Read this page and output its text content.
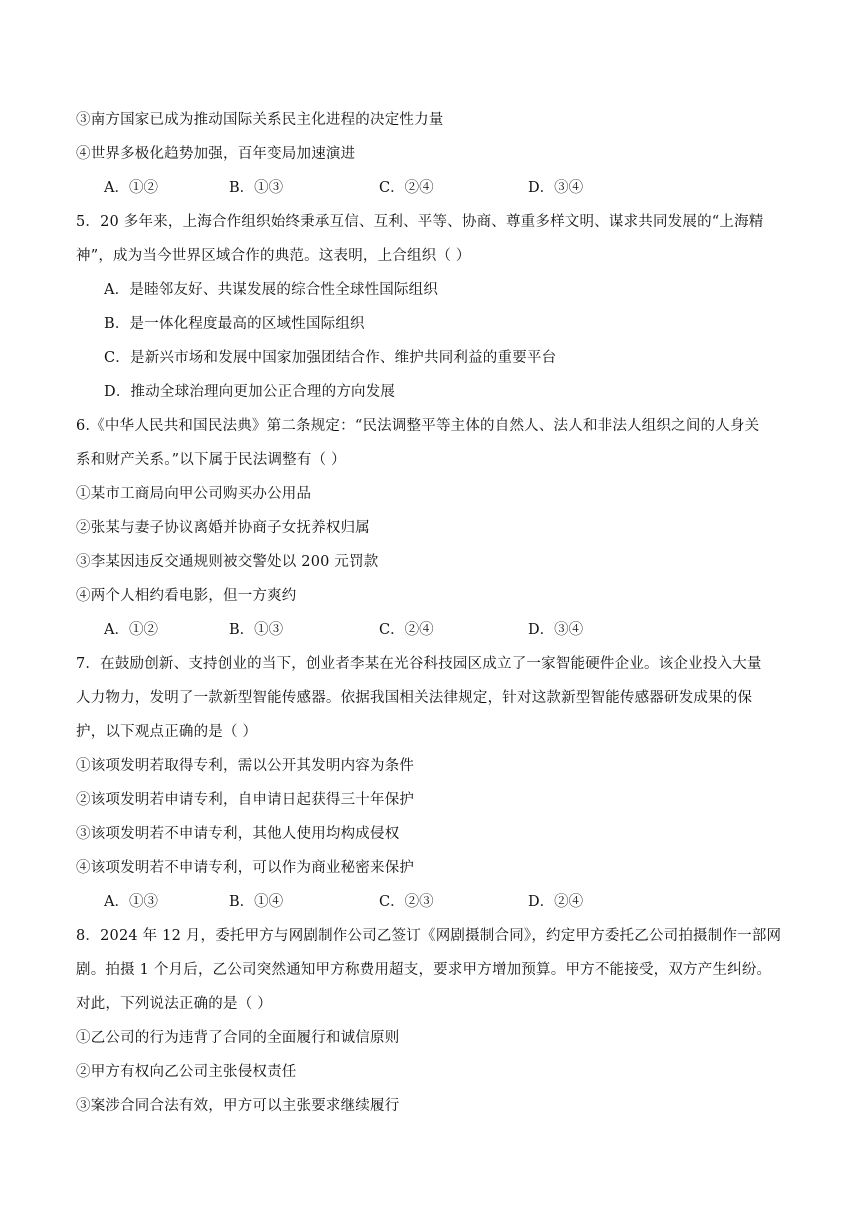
③南方国家已成为推动国际关系民主化进程的决定性力量
④世界多极化趋势加强，百年变局加速演进
A．①②	B．①③	C．②④	D．③④
5．20 多年来，上海合作组织始终秉承互信、互利、平等、协商、尊重多样文明、谋求共同发展的“上海精
神”，成为当今世界区域合作的典范。这表明，上合组织（ ）
A．是睦邻友好、共谋发展的综合性全球性国际组织
B．是一体化程度最高的区域性国际组织
C．是新兴市场和发展中国家加强团结合作、维护共同利益的重要平台
D．推动全球治理向更加公正合理的方向发展
6.《中华人民共和国民法典》第二条规定：“民法调整平等主体的自然人、法人和非法人组织之间的人身关
系和财产关系。”以下属于民法调整有（ ）
①某市工商局向甲公司购买办公用品
②张某与妻子协议离婚并协商子女抚养权归属
③李某因违反交通规则被交警处以 200 元罚款
④两个人相约看电影，但一方爽约
A．①②	B．①③	C．②④	D．③④
7．在鼓励创新、支持创业的当下，创业者李某在光谷科技园区成立了一家智能硬件企业。该企业投入大量
人力物力，发明了一款新型智能传感器。依据我国相关法律规定，针对这款新型智能传感器研发成果的保
护，以下观点正确的是（ ）
①该项发明若取得专利，需以公开其发明内容为条件
②该项发明若申请专利，自申请日起获得三十年保护
③该项发明若不申请专利，其他人使用均构成侵权
④该项发明若不申请专利，可以作为商业秘密来保护
A．①③	B．①④	C．②③	D．②④
8．2024 年 12 月，委托甲方与网剧制作公司乙签订《网剧摄制合同》，约定甲方委托乙公司拍摄制作一部网
剧。拍摄 1 个月后，乙公司突然通知甲方称费用超支，要求甲方增加预算。甲方不能接受，双方产生纠纷。
对此，下列说法正确的是（ ）
①乙公司的行为违背了合同的全面履行和诚信原则
②甲方有权向乙公司主张侵权责任
③案涉合同合法有效，甲方可以主张要求继续履行
